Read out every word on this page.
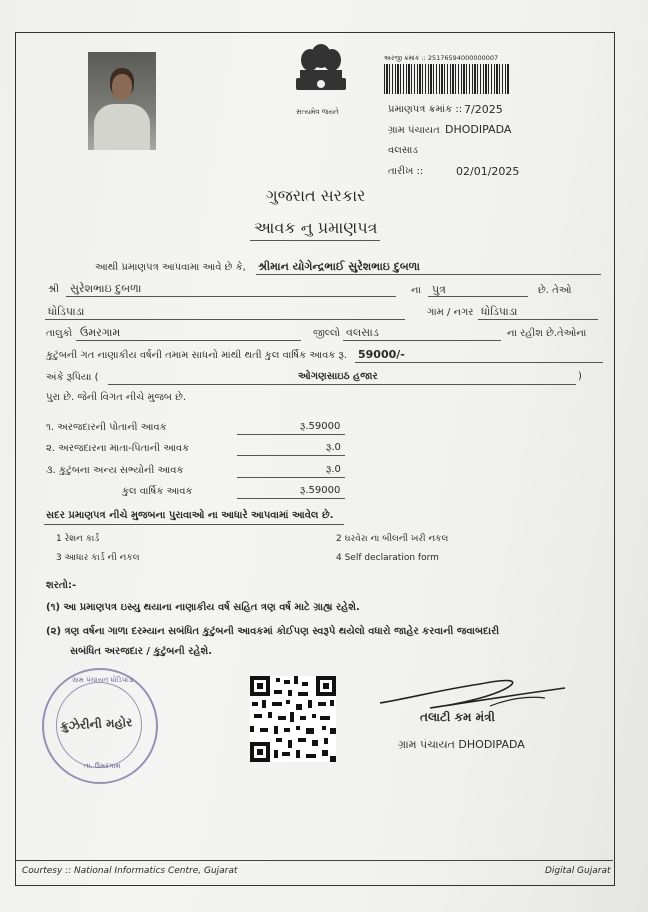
સત્યમેવ જયતે
અરજી ક્રમાંક :: 25176594000000007
પ્રમાણપત્ર ક્રમાંક :: 7/2025
ગ્રામ પંચાયત DHODIPADA
વલસાડ
તારીખ ::	02/01/2025
ગુજરાત સરકાર
આવક નુ પ્રમાણપત્ર
આથી પ્રમાણપત્ર આપવામા આવે છે કે, શ્રીમાન યોગેન્દ્રભાઈ સુરેશભાઇ દુબળા
શ્રી સુરેશભાઇ દુબળા	ના પુત્ર	છે. તેઓ
ધોડિપાડા	ગામ / નગર ધોડિપાડા
તાલુકો ઉમરગામ	જીલ્લો વલસાડ	ના રહીશ છે.તેઓના
કુટુંબની ગત નાણાકીય વર્ષની તમામ સાધનો માંથી થતી કુલ વાર્ષિક આવક રૂ. 59000/-
અંકે રૂપિયા (	ઓગણસાઇઠ હજાર	)
પુરા છે. જેની વિગત નીચે મુજબ છે.
૧. અરજદારની પોતાની આવક	રૂ.59000
૨. અરજદારના માતા-પિતાની આવક	રૂ.0
૩. કુટુંબના અન્ય સભ્યોની આવક	રૂ.0
કુલ વાર્ષિક આવક	રૂ.59000
સદર પ્રમાણપત્ર નીચે મુજબના પુરાવાઓ ના આધારે આપવામાં આવેલ છે.
1 રેશન કાર્ડ	2 ઘરવેરા ના બીલની ખરી નકલ
3 આધાર કાર્ડ ની નકલ	4 Self declaration form
શરતો:-
(૧) આ પ્રમાણપત્ર ઇસ્યુ થયાના નાણાકીય વર્ષ સહિત ત્રણ વર્ષ માટે ગ્રાહ્ય રહેશે.
(૨) ત્રણ વર્ષના ગાળા દરમ્યાન સબંધિત કુટુંબની આવકમાં કોઈપણ સ્વરૂપે થયેલો વધારો જાહેર કરવાની જવાબદારી
સબંધિત અરજદાર / કુટુંબની રહેશે.
ગ્રામ પંચાયત ધોડિપાડા
તા. ઉમરગામ
ક્રુઝેરીની મહોર	તલાટી કમ મંત્રી
ગ્રામ પંચાયત DHODIPADA
Courtesy :: National Informatics Centre, Gujarat	Digital Gujarat
